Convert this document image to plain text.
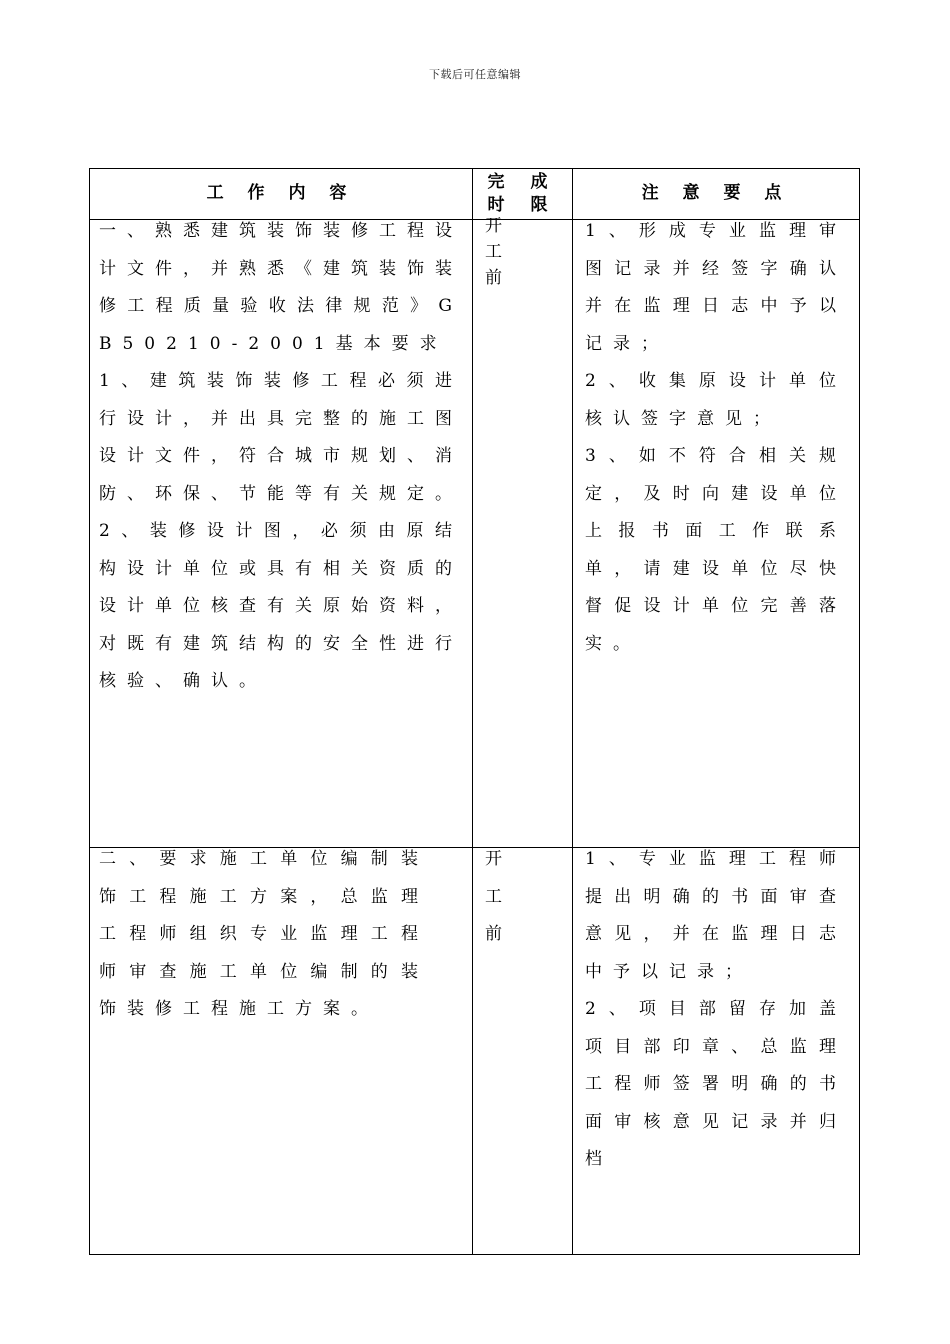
下载后可任意编辑
工 作 内 容
完 成
时 限
注 意 要 点

一、熟悉建筑装饰装修工程设计文件，并熟悉《建筑装饰装修工程质量验收法律规范》GB50210-2001基本要求

1、建筑装饰装修工程必须进行设计，并出具完整的施工图设计文件，符合城市规划、消防、环保、节能等有关规定。

2、装修设计图，必须由原结构设计单位或具有相关资质的设计单位核查有关原始资料，对既有建筑结构的安全性进行核验、确认。

开工前

1、形成专业监理审图记录并经签字确认并在监理日志中予以记录；

2、收集原设计单位核认签字意见；

3、如不符合相关规定，及时向建设单位上报书面工作联系单，请建设单位尽快督促设计单位完善落实。

二、要求施工单位编制装饰工程施工方案，总监理工程师组织专业监理工程师审查施工单位编制的装饰装修工程施工方案。

开工前

1、专业监理工程师提出明确的书面审查意见，并在监理日志中予以记录；

2、项目部留存加盖项目部印章、总监理工程师签署明确的书面审核意见记录并归档
